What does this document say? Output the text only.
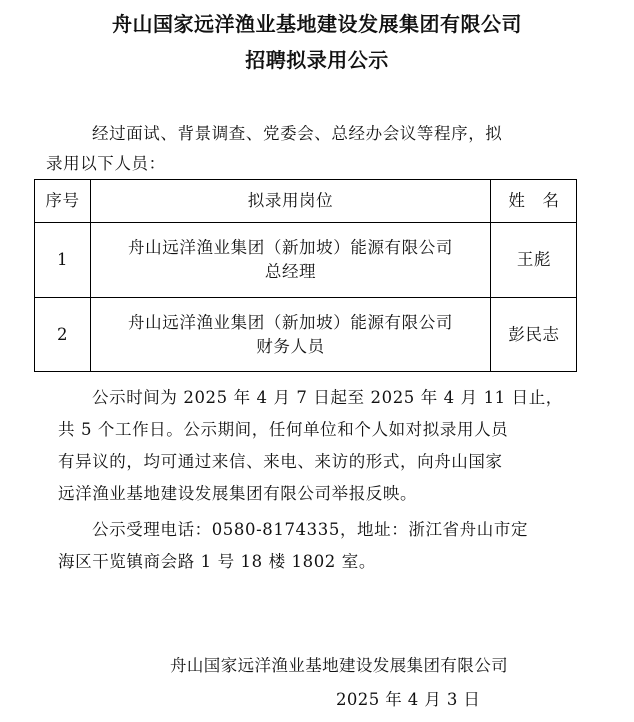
舟山国家远洋渔业基地建设发展集团有限公司
招聘拟录用公示
经过面试、背景调查、党委会、总经办会议等程序，拟
录用以下人员：
序号	拟录用岗位	姓　名
1
舟山远洋渔业集团（新加坡）能源有限公司
总经理
王彪
2
舟山远洋渔业集团（新加坡）能源有限公司
财务人员
彭民志
公示时间为 2025 年 4 月 7 日起至 2025 年 4 月 11 日止，
共 5 个工作日。公示期间，任何单位和个人如对拟录用人员
有异议的，均可通过来信、来电、来访的形式，向舟山国家
远洋渔业基地建设发展集团有限公司举报反映。
公示受理电话：0580-8174335，地址：浙江省舟山市定
海区干览镇商会路 1 号 18 楼 1802 室。
舟山国家远洋渔业基地建设发展集团有限公司
2025 年 4 月 3 日
